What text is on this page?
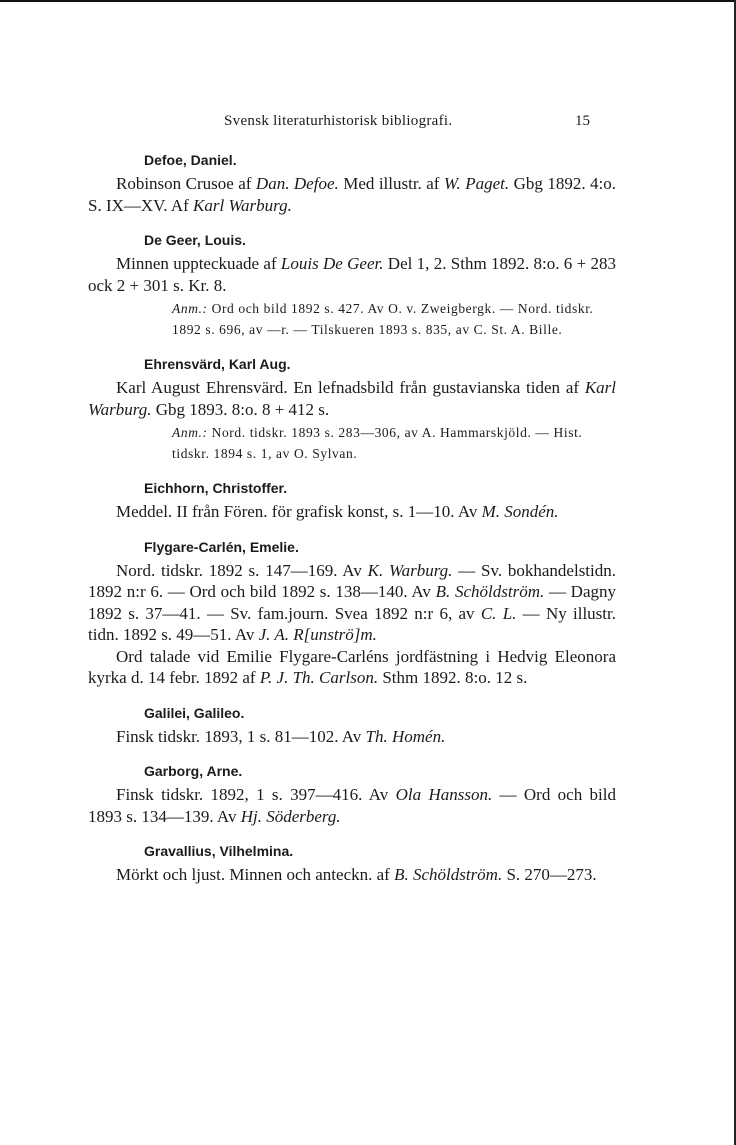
Svensk literaturhistorisk bibliografi.	15
Defoe, Daniel.

Robinson Crusoe af Dan. Defoe. Med illustr. af W. Paget. Gbg 1892. 4:o. S. IX—XV. Af Karl Warburg.

De Geer, Louis.

Minnen uppteckuade af Louis De Geer. Del 1, 2. Sthm 1892. 8:o. 6 + 283 ock 2 + 301 s. Kr. 8.

Anm.: Ord och bild 1892 s. 427. Av O. v. Zweigbergk. — Nord. tidskr. 1892 s. 696, av —r. — Tilskueren 1893 s. 835, av C. St. A. Bille.

Ehrensvärd, Karl Aug.

Karl August Ehrensvärd. En lefnadsbild från gustavianska tiden af Karl Warburg. Gbg 1893. 8:o. 8 + 412 s.

Anm.: Nord. tidskr. 1893 s. 283—306, av A. Hammarskjöld. — Hist. tidskr. 1894 s. 1, av O. Sylvan.

Eichhorn, Christoffer.

Meddel. II från Fören. för grafisk konst, s. 1—10. Av M. Sondén.

Flygare-Carlén, Emelie.

Nord. tidskr. 1892 s. 147—169. Av K. Warburg. — Sv. bokhandelstidn. 1892 n:r 6. — Ord och bild 1892 s. 138—140. Av B. Schöldström. — Dagny 1892 s. 37—41. — Sv. fam.journ. Svea 1892 n:r 6, av C. L. — Ny illustr. tidn. 1892 s. 49—51. Av J. A. R[unströ]m.

Ord talade vid Emilie Flygare-Carléns jordfästning i Hedvig Eleonora kyrka d. 14 febr. 1892 af P. J. Th. Carlson. Sthm 1892. 8:o. 12 s.

Galilei, Galileo.

Finsk tidskr. 1893, 1 s. 81—102. Av Th. Homén.

Garborg, Arne.

Finsk tidskr. 1892, 1 s. 397—416. Av Ola Hansson. — Ord och bild 1893 s. 134—139. Av Hj. Söderberg.

Gravallius, Vilhelmina.

Mörkt och ljust. Minnen och anteckn. af B. Schöldström. S. 270—273.
